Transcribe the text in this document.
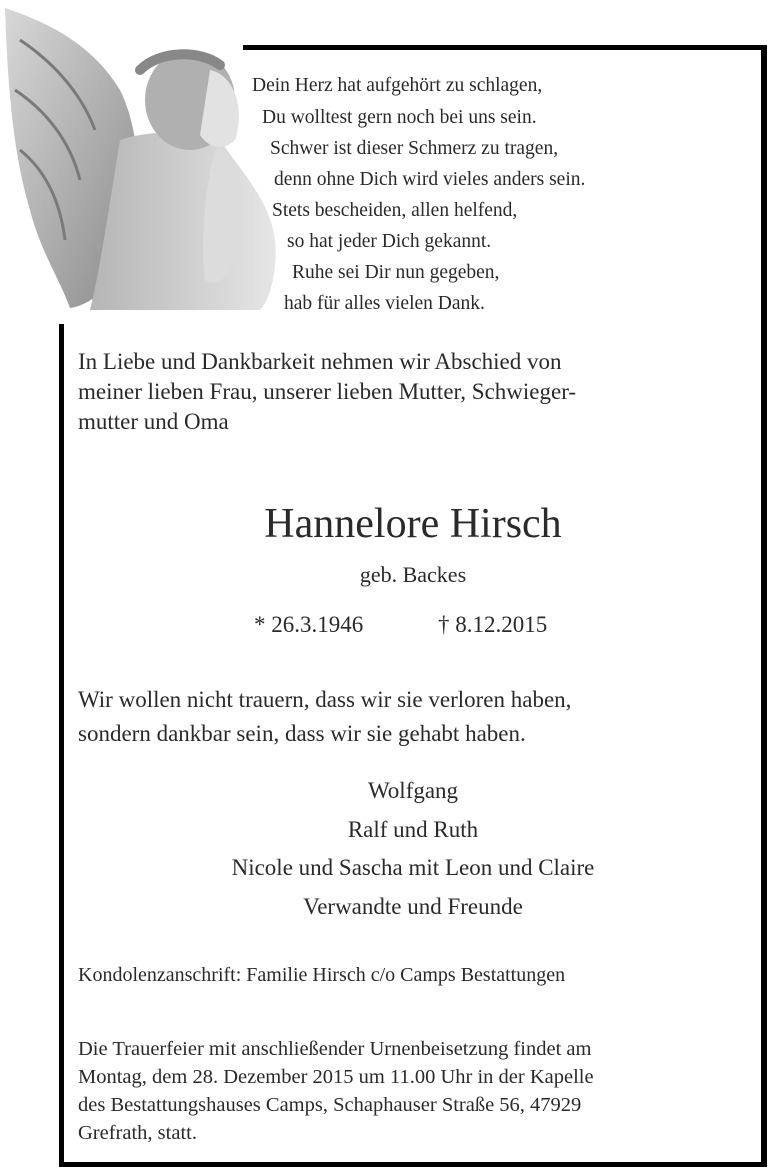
Dein Herz hat aufgehört zu schlagen,
Du wolltest gern noch bei uns sein.
Schwer ist dieser Schmerz zu tragen,
denn ohne Dich wird vieles anders sein.
Stets bescheiden, allen helfend,
so hat jeder Dich gekannt.
Ruhe sei Dir nun gegeben,
hab für alles vielen Dank.
In Liebe und Dankbarkeit nehmen wir Abschied von
meiner lieben Frau, unserer lieben Mutter, Schwieger-
mutter und Oma
Hannelore Hirsch
geb. Backes
* 26.3.1946	† 8.12.2015
Wir wollen nicht trauern, dass wir sie verloren haben,
sondern dankbar sein, dass wir sie gehabt haben.
Wolfgang
Ralf und Ruth
Nicole und Sascha mit Leon und Claire
Verwandte und Freunde
Kondolenzanschrift: Familie Hirsch c/o Camps Bestattungen
Die Trauerfeier mit anschließender Urnenbeisetzung findet am
Montag, dem 28. Dezember 2015 um 11.00 Uhr in der Kapelle
des Bestattungshauses Camps, Schaphauser Straße 56, 47929
Grefrath, statt.
